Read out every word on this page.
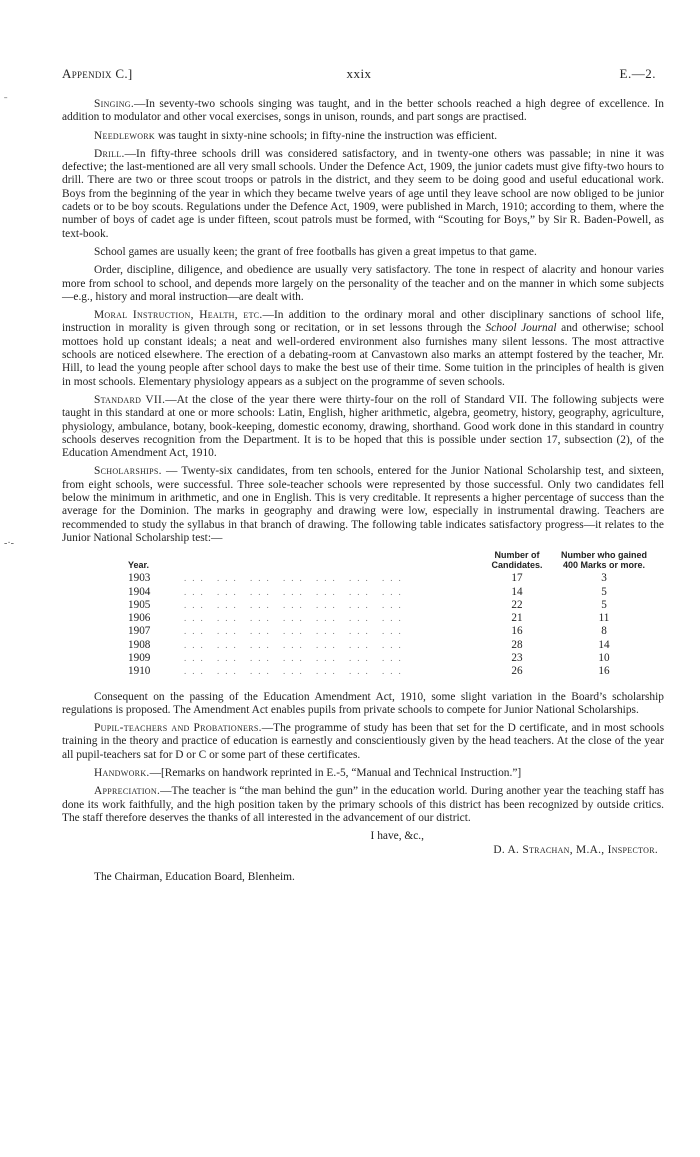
Appendix C.]	xxix	E.—2.
˗
-·-

Singing.—In seventy-two schools singing was taught, and in the better schools reached a high degree of excellence. In addition to modulator and other vocal exercises, songs in unison, rounds, and part songs are practised.

Needlework was taught in sixty-nine schools; in fifty-nine the instruction was efficient.

Drill.—In fifty-three schools drill was considered satisfactory, and in twenty-one others was passable; in nine it was defective; the last-mentioned are all very small schools. Under the Defence Act, 1909, the junior cadets must give fifty-two hours to drill. There are two or three scout troops or patrols in the district, and they seem to be doing good and useful educational work. Boys from the beginning of the year in which they became twelve years of age until they leave school are now obliged to be junior cadets or to be boy scouts. Regulations under the Defence Act, 1909, were published in March, 1910; according to them, where the number of boys of cadet age is under fifteen, scout patrols must be formed, with “Scouting for Boys,” by Sir R. Baden-Powell, as text-book.

School games are usually keen; the grant of free footballs has given a great impetus to that game.

Order, discipline, diligence, and obedience are usually very satisfactory. The tone in respect of alacrity and honour varies more from school to school, and depends more largely on the personality of the teacher and on the manner in which some subjects—e.g., history and moral instruction—are dealt with.

Moral Instruction, Health, etc.—In addition to the ordinary moral and other disciplinary sanctions of school life, instruction in morality is given through song or recitation, or in set lessons through the School Journal and otherwise; school mottoes hold up constant ideals; a neat and well-ordered environment also furnishes many silent lessons. The most attractive schools are noticed elsewhere. The erection of a debating-room at Canvastown also marks an attempt fostered by the teacher, Mr. Hill, to lead the young people after school days to make the best use of their time. Some tuition in the principles of health is given in most schools. Elementary physiology appears as a subject on the programme of seven schools.

Standard VII.—At the close of the year there were thirty-four on the roll of Standard VII. The following subjects were taught in this standard at one or more schools: Latin, English, higher arithmetic, algebra, geometry, history, geography, agriculture, physiology, ambulance, botany, book-keeping, domestic economy, drawing, shorthand. Good work done in this standard in country schools deserves recognition from the Department. It is to be hoped that this is possible under section 17, subsection (2), of the Education Amendment Act, 1910.

Scholarships. — Twenty-six candidates, from ten schools, entered for the Junior National Scholarship test, and sixteen, from eight schools, were successful. Three sole-teacher schools were represented by those successful. Only two candidates fell below the minimum in arithmetic, and one in English. This is very creditable. It represents a higher percentage of success than the average for the Dominion. The marks in geography and drawing were low, especially in instrumental drawing. Teachers are recommended to study the syllabus in that branch of drawing. The following table indicates satisfactory progress—it relates to the Junior National Scholarship test:—

Year.		Number of Candidates.	Number who gained 400 Marks or more.
1903	... ... ... ... ... ... ...	17	3
1904	... ... ... ... ... ... ...	14	5
1905	... ... ... ... ... ... ...	22	5
1906	... ... ... ... ... ... ...	21	11
1907	... ... ... ... ... ... ...	16	8
1908	... ... ... ... ... ... ...	28	14
1909	... ... ... ... ... ... ...	23	10
1910	... ... ... ... ... ... ...	26	16

Consequent on the passing of the Education Amendment Act, 1910, some slight variation in the Board’s scholarship regulations is proposed. The Amendment Act enables pupils from private schools to compete for Junior National Scholarships.

Pupil-teachers and Probationers.—The programme of study has been that set for the D certificate, and in most schools training in the theory and practice of education is earnestly and conscientiously given by the head teachers. At the close of the year all pupil-teachers sat for D or C or some part of these certificates.

Handwork.—[Remarks on handwork reprinted in E.-5, “Manual and Technical Instruction.”]

Appreciation.—The teacher is “the man behind the gun” in the education world. During another year the teaching staff has done its work faithfully, and the high position taken by the primary schools of this district has been recognized by outside critics. The staff therefore deserves the thanks of all interested in the advancement of our district.

I have, &c.,
D. A. Strachan, M.A., Inspector.
The Chairman, Education Board, Blenheim.
